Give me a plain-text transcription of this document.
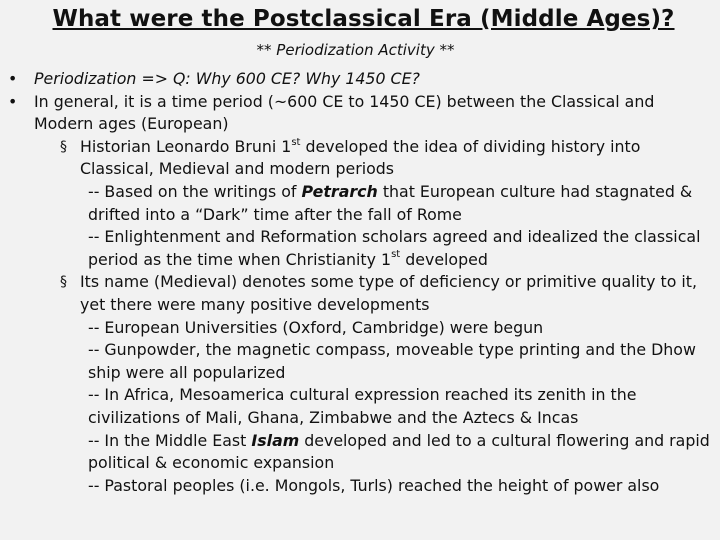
What were the Postclassical Era (Middle Ages)?
** Periodization Activity **
•	Periodization => Q: Why 600 CE? Why 1450 CE?
•	In general, it is a time period (~600 CE to 1450 CE) between the Classical and Modern ages (European)
§ Historian Leonardo Bruni 1st developed the idea of dividing history into Classical, Medieval and modern periods
-- Based on the writings of Petrarch that European culture had stagnated & drifted into a “Dark” time after the fall of Rome
-- Enlightenment and Reformation scholars agreed and idealized the classical period as the time when Christianity 1st developed
§ Its name (Medieval) denotes some type of deficiency or primitive quality to it, yet there were many positive developments
-- European Universities (Oxford, Cambridge) were begun
-- Gunpowder, the magnetic compass, moveable type printing and the Dhow ship were all popularized
-- In Africa, Mesoamerica cultural expression reached its zenith in the civilizations of Mali, Ghana, Zimbabwe and the Aztecs & Incas
-- In the Middle East Islam developed and led to a cultural flowering and rapid political & economic expansion
-- Pastoral peoples (i.e. Mongols, Turls) reached the height of power also
